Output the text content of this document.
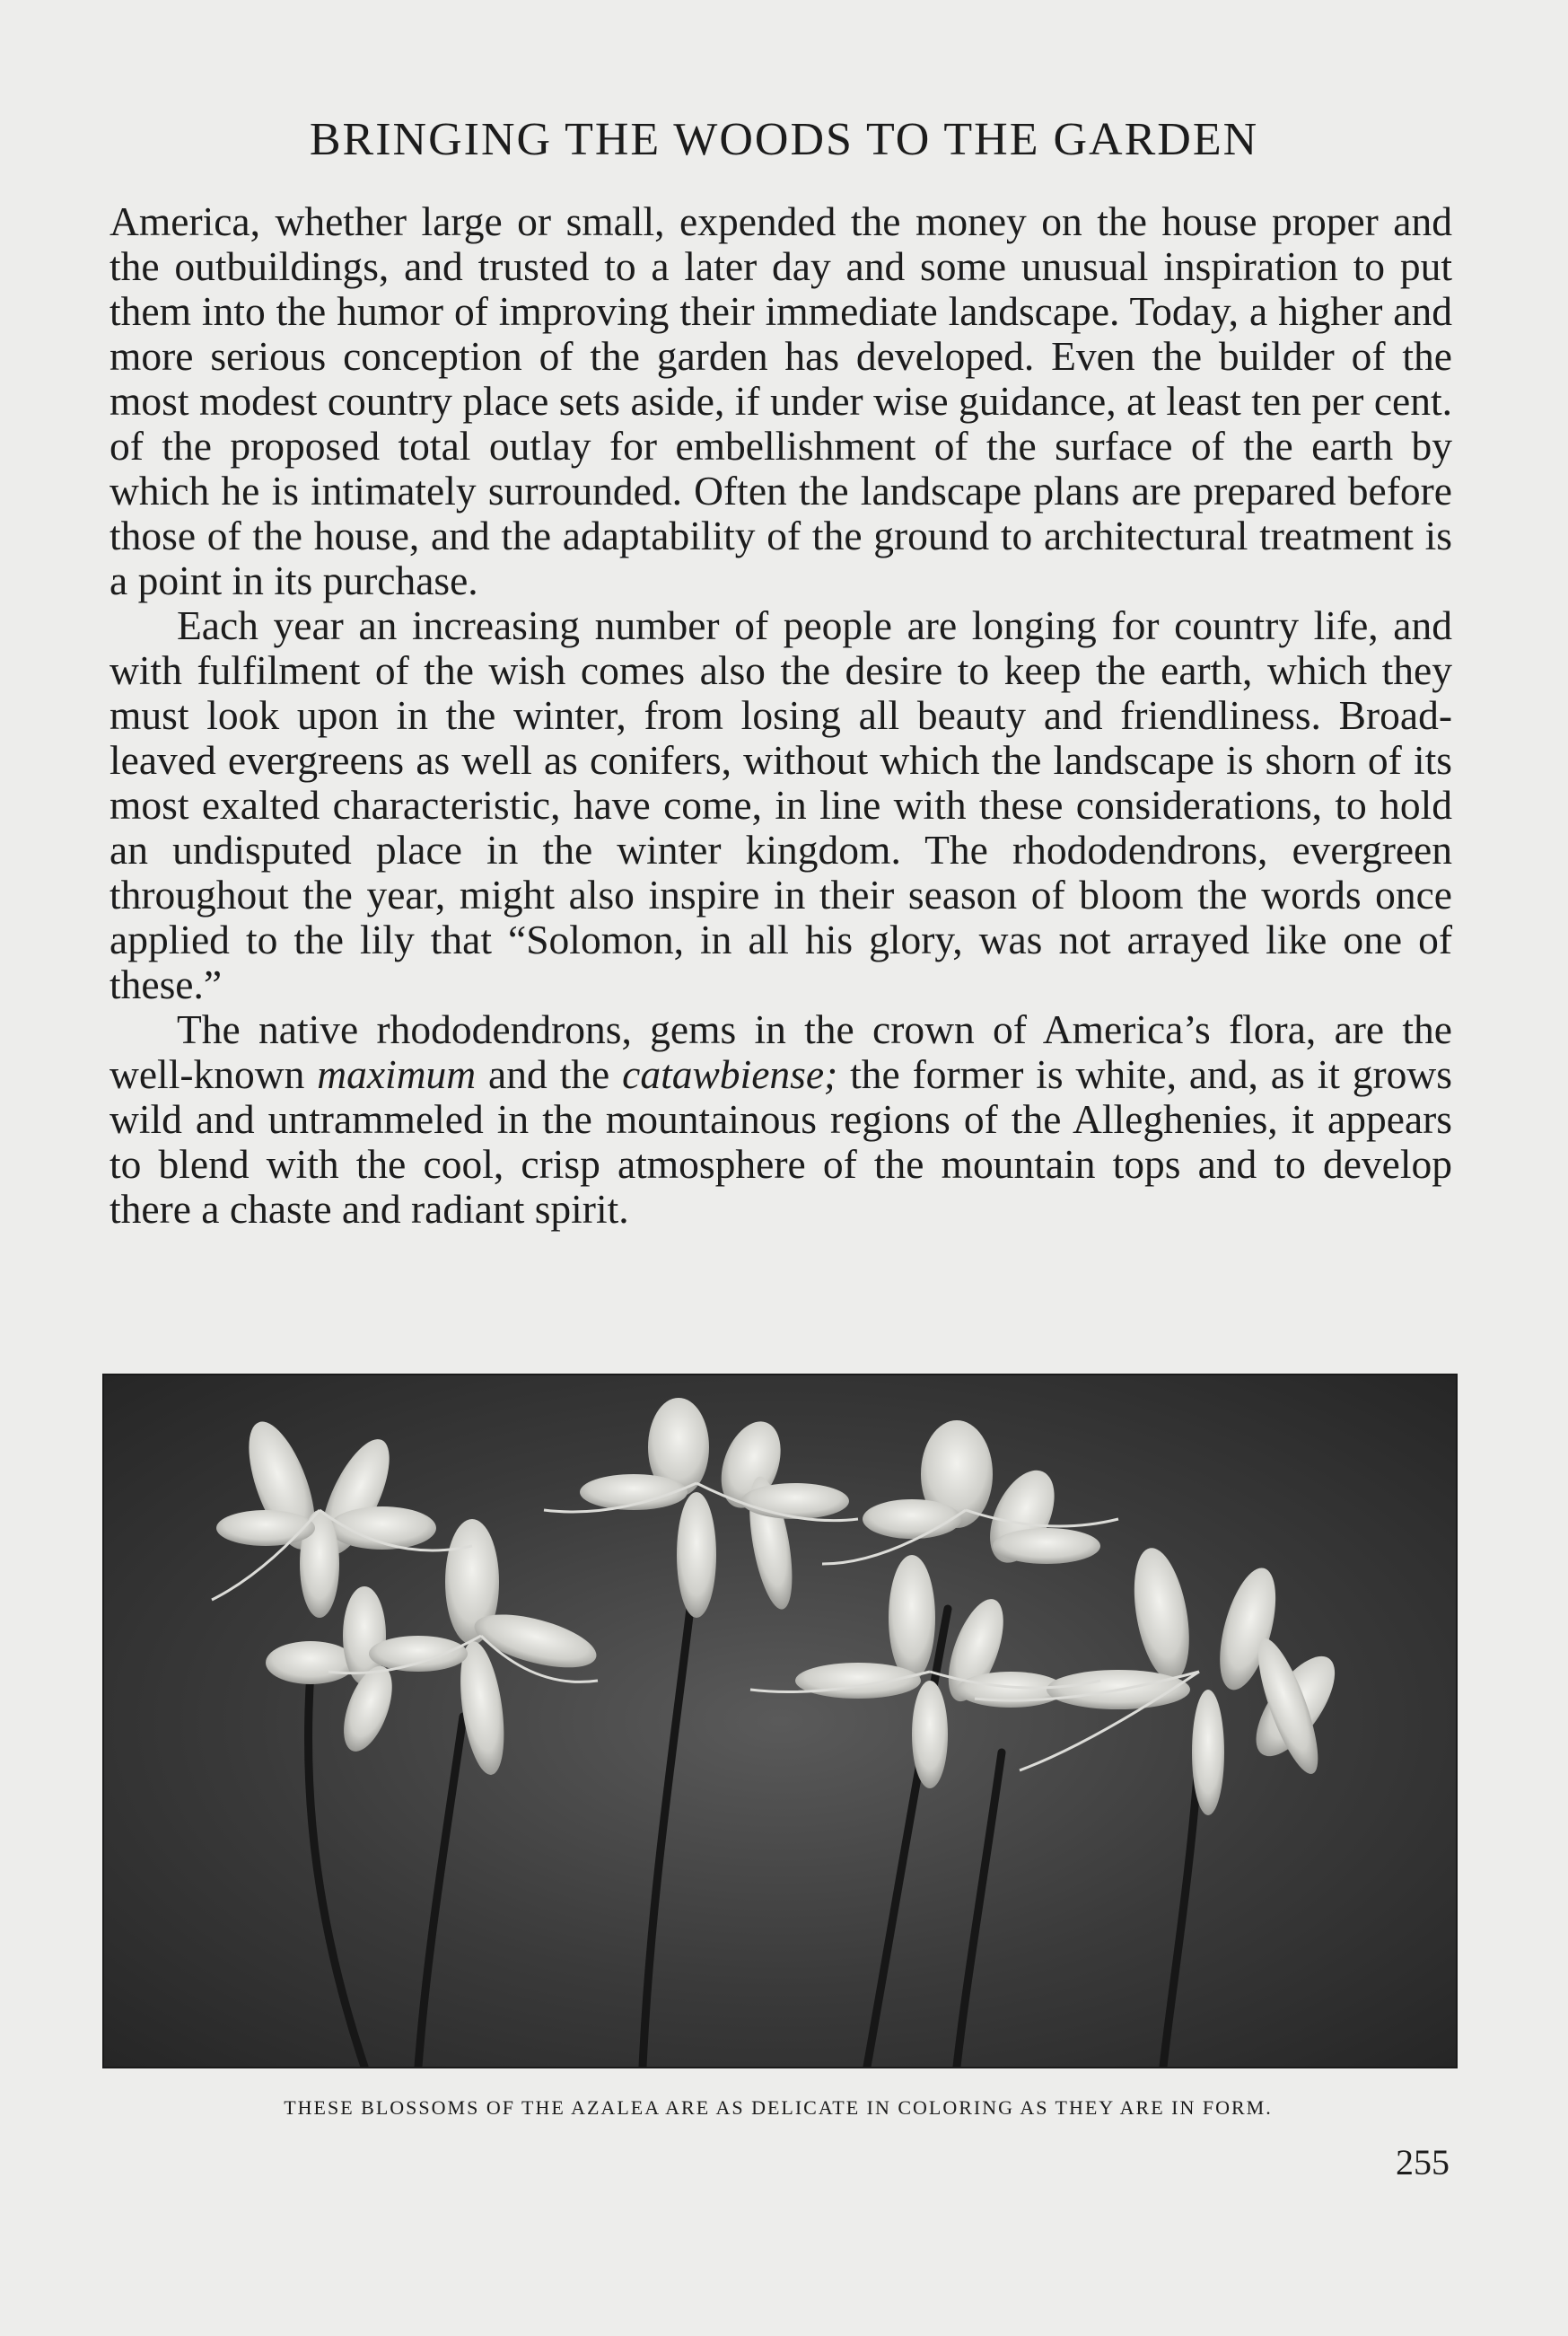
BRINGING THE WOODS TO THE GARDEN

America, whether large or small, expended the money on the house proper and the outbuildings, and trusted to a later day and some unusual inspiration to put them into the humor of improving their immediate landscape. Today, a higher and more serious conception of the garden has developed. Even the builder of the most modest country place sets aside, if under wise guidance, at least ten per cent. of the proposed total outlay for embellishment of the surface of the earth by which he is intimately surrounded. Often the landscape plans are prepared before those of the house, and the adaptability of the ground to architectural treatment is a point in its purchase.

Each year an increasing number of people are longing for country life, and with fulfilment of the wish comes also the desire to keep the earth, which they must look upon in the winter, from losing all beauty and friendliness. Broad-leaved evergreens as well as conifers, without which the landscape is shorn of its most exalted characteristic, have come, in line with these considerations, to hold an undisputed place in the winter kingdom. The rhododendrons, evergreen throughout the year, might also inspire in their season of bloom the words once applied to the lily that “Solomon, in all his glory, was not arrayed like one of these.”

The native rhododendrons, gems in the crown of America’s flora, are the well-known maximum and the catawbiense; the former is white, and, as it grows wild and untrammeled in the mountainous regions of the Alleghenies, it appears to blend with the cool, crisp atmosphere of the mountain tops and to develop there a chaste and radiant spirit.

THESE BLOSSOMS OF THE AZALEA ARE AS DELICATE IN COLORING AS THEY ARE IN FORM.
255
